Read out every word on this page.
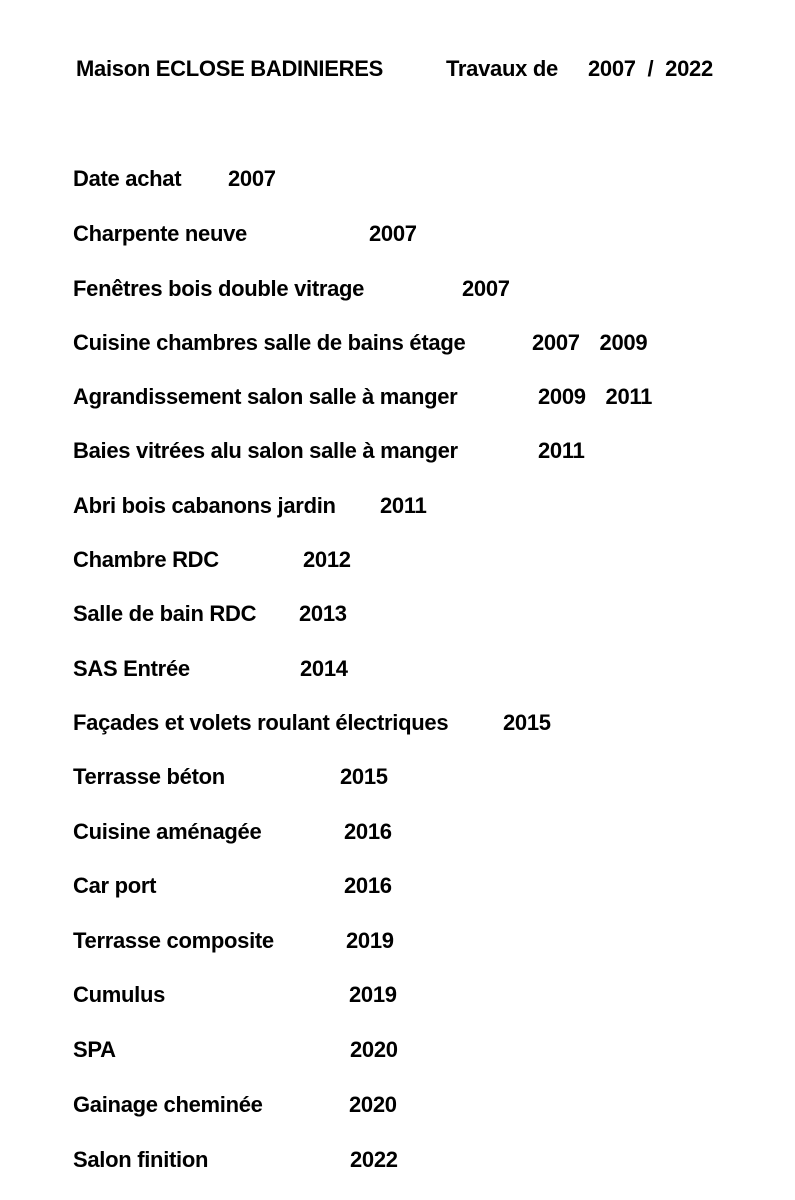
Maison ECLOSE BADINIERES	Travaux de 2007 / 2022
Date achat 2007
Charpente neuve	2007
Fenêtres bois double vitrage	2007
Cuisine chambres salle de bains étage	2007 2009
Agrandissement salon salle à manger	2009 2011
Baies vitrées alu salon salle à manger	2011
Abri bois cabanons jardin 2011
Chambre RDC	2012
Salle de bain RDC 2013
SAS Entrée	2014
Façades et volets roulant électriques 2015
Terrasse béton	2015
Cuisine aménagée	2016
Car port	2016
Terrasse composite	2019
Cumulus	2019
SPA	2020
Gainage cheminée	2020
Salon finition	2022
